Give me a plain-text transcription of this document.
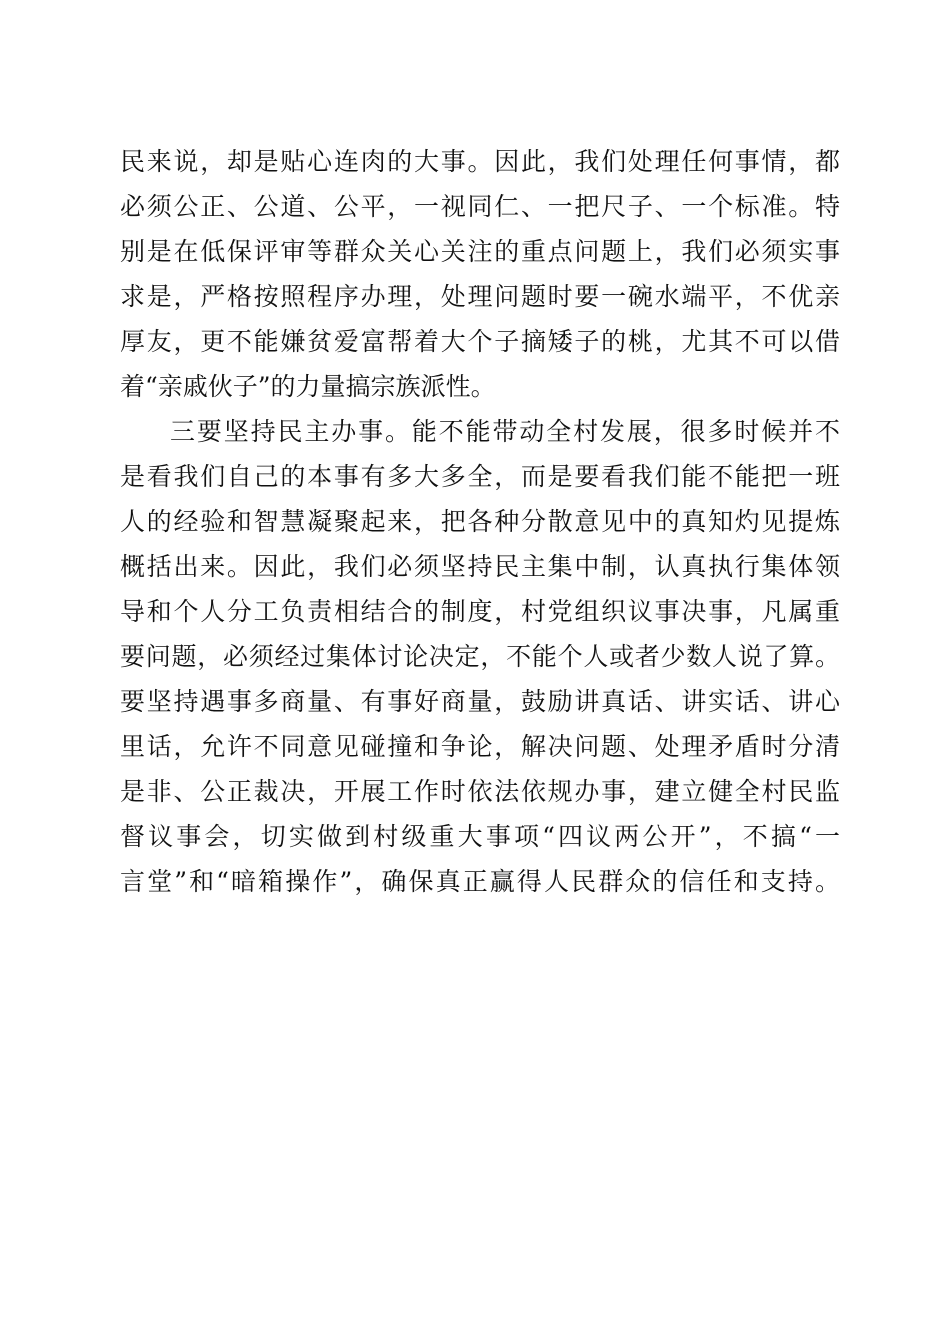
民来说，却是贴心连肉的大事。因此，我们处理任何事情，都
必须公正、公道、公平，一视同仁、一把尺子、一个标准。特
别是在低保评审等群众关心关注的重点问题上，我们必须实事
求是，严格按照程序办理，处理问题时要一碗水端平，不优亲
厚友，更不能嫌贫爱富帮着大个子摘矮子的桃，尤其不可以借
着“亲戚伙子”的力量搞宗族派性。
三要坚持民主办事。能不能带动全村发展，很多时候并不
是看我们自己的本事有多大多全，而是要看我们能不能把一班
人的经验和智慧凝聚起来，把各种分散意见中的真知灼见提炼
概括出来。因此，我们必须坚持民主集中制，认真执行集体领
导和个人分工负责相结合的制度，村党组织议事决事，凡属重
要问题，必须经过集体讨论决定，不能个人或者少数人说了算。
要坚持遇事多商量、有事好商量，鼓励讲真话、讲实话、讲心
里话，允许不同意见碰撞和争论，解决问题、处理矛盾时分清
是非、公正裁决，开展工作时依法依规办事，建立健全村民监
督议事会，切实做到村级重大事项“四议两公开”，不搞“一
言堂”和“暗箱操作”，确保真正赢得人民群众的信任和支持。
